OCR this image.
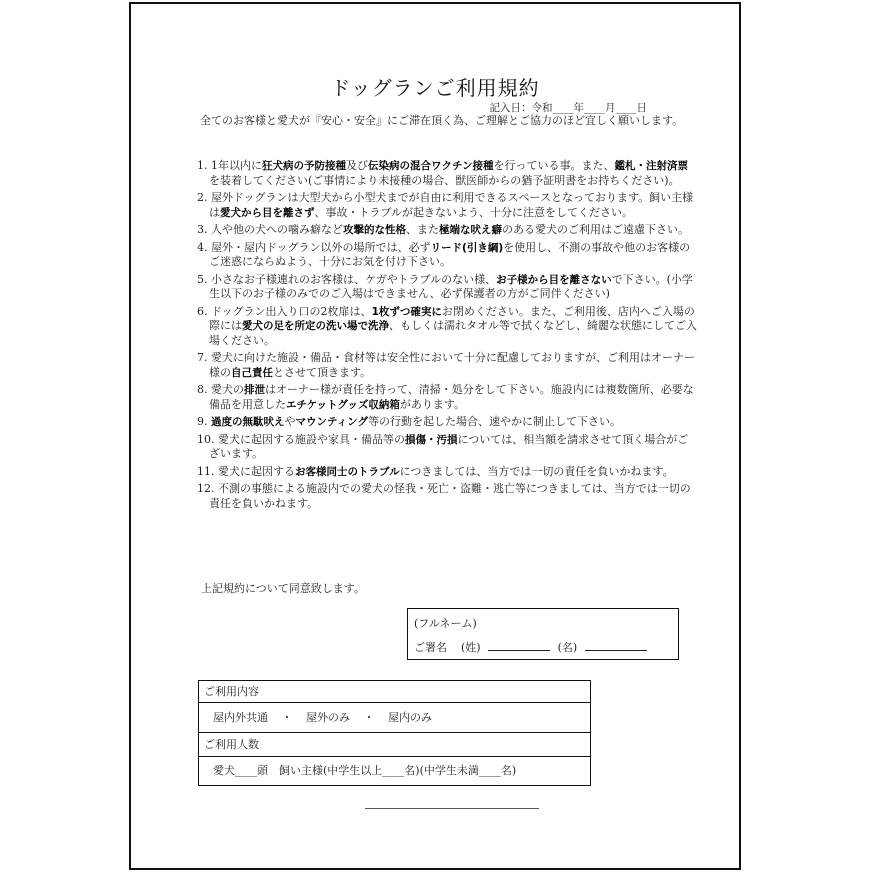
ドッグランご利用規約
記入日：令和____年____月____日

全てのお客様と愛犬が『安心・安全』にご滞在頂く為、ご理解とご協力のほど宜しく願いします。

1. 1年以内に狂犬病の予防接種及び伝染病の混合ワクチン接種を行っている事。また、鑑札・注射済票を装着してください(ご事情により未接種の場合、獣医師からの猶予証明書をお持ちください)。
2. 屋外ドッグランは大型犬から小型犬までが自由に利用できるスペースとなっております。飼い主様は愛犬から目を離さず、事故・トラブルが起きないよう、十分に注意をしてください。
3. 人や他の犬への噛み癖など攻撃的な性格、また極端な吠え癖のある愛犬のご利用はご遠慮下さい。
4. 屋外・屋内ドッグラン以外の場所では、必ずリード(引き綱)を使用し、不測の事故や他のお客様のご迷惑にならぬよう、十分にお気を付け下さい。
5. 小さなお子様連れのお客様は、ケガやトラブルのない様、お子様から目を離さないで下さい。(小学生以下のお子様のみでのご入場はできません、必ず保護者の方がご同伴ください)
6. ドッグラン出入り口の2枚扉は、1枚ずつ確実にお閉めください。また、ご利用後、店内へご入場の際には愛犬の足を所定の洗い場で洗浄、もしくは濡れタオル等で拭くなどし、綺麗な状態にしてご入場ください。
7. 愛犬に向けた施設・備品・食材等は安全性において十分に配慮しておりますが、ご利用はオーナー様の自己責任とさせて頂きます。
8. 愛犬の排泄はオーナー様が責任を持って、清掃・処分をして下さい。施設内には複数箇所、必要な備品を用意したエチケットグッズ収納箱があります。
9. 過度の無駄吠えやマウンティング等の行動を起した場合、速やかに制止して下さい。
10. 愛犬に起因する施設や家具・備品等の損傷・汚損については、相当額を請求させて頂く場合がございます。
11. 愛犬に起因するお客様同士のトラブルにつきましては、当方では一切の責任を負いかねます。
12. 不測の事態による施設内での愛犬の怪我・死亡・盗難・逃亡等につきましては、当方では一切の責任を負いかねます。
上記規約について同意致します。
(フルネーム)
ご署名 (姓)	(名)
ご利用内容
屋内外共通 ・ 屋外のみ ・ 屋内のみ
ご利用人数
愛犬____頭　飼い主様(中学生以上____名)(中学生未満____名)
